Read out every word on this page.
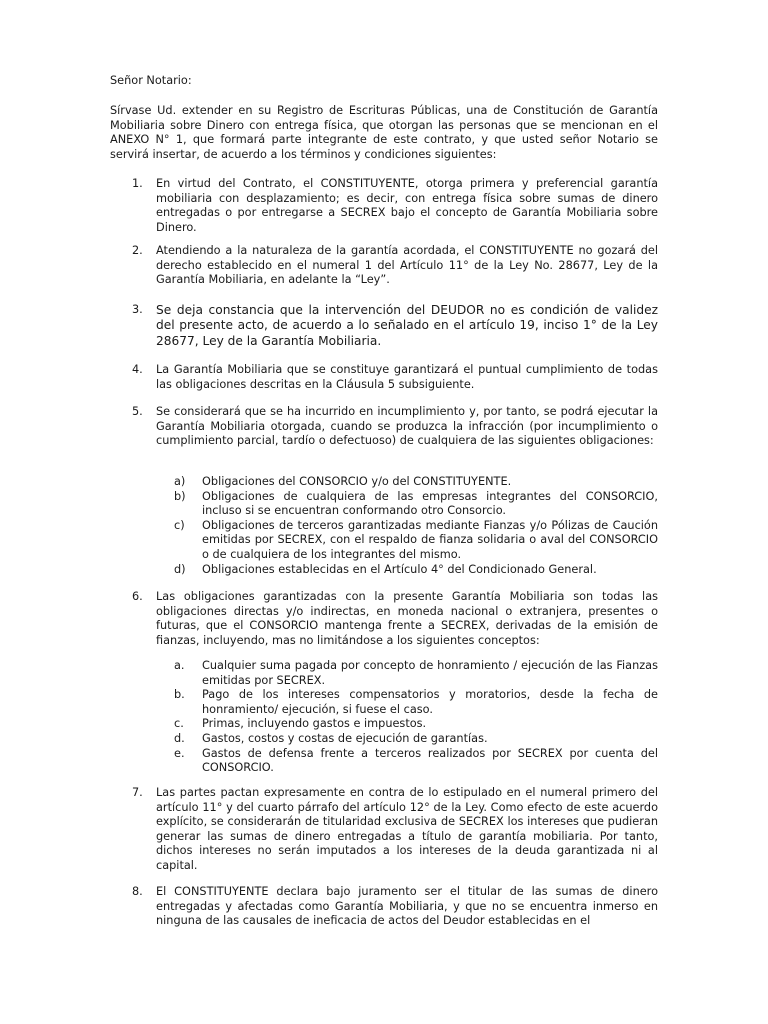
Señor Notario:

Sírvase Ud. extender en su Registro de Escrituras Públicas, una de Constitución de Garantía Mobiliaria sobre Dinero con entrega física, que otorgan las personas que se mencionan en el ANEXO N° 1, que formará parte integrante de este contrato, y que usted señor Notario se servirá insertar, de acuerdo a los términos y condiciones siguientes:

1. En virtud del Contrato, el CONSTITUYENTE, otorga primera y preferencial garantía mobiliaria con desplazamiento; es decir, con entrega física sobre sumas de dinero entregadas o por entregarse a SECREX bajo el concepto de Garantía Mobiliaria sobre Dinero.

2. Atendiendo a la naturaleza de la garantía acordada, el CONSTITUYENTE no gozará del derecho establecido en el numeral 1 del Artículo 11° de la Ley No. 28677, Ley de la Garantía Mobiliaria, en adelante la “Ley”.

3. Se deja constancia que la intervención del DEUDOR no es condición de validez del presente acto, de acuerdo a lo señalado en el artículo 19, inciso 1° de la Ley 28677, Ley de la Garantía Mobiliaria.

4. La Garantía Mobiliaria que se constituye garantizará el puntual cumplimiento de todas las obligaciones descritas en la Cláusula 5 subsiguiente.

5. Se considerará que se ha incurrido en incumplimiento y, por tanto, se podrá ejecutar la Garantía Mobiliaria otorgada, cuando se produzca la infracción (por incumplimiento o cumplimiento parcial, tardío o defectuoso) de cualquiera de las siguientes obligaciones:

a) Obligaciones del CONSORCIO y/o del CONSTITUYENTE.
b) Obligaciones de cualquiera de las empresas integrantes del CONSORCIO, incluso si se encuentran conformando otro Consorcio.
c) Obligaciones de terceros garantizadas mediante Fianzas y/o Pólizas de Caución emitidas por SECREX, con el respaldo de fianza solidaria o aval del CONSORCIO o de cualquiera de los integrantes del mismo.
d) Obligaciones establecidas en el Artículo 4° del Condicionado General.
6. Las obligaciones garantizadas con la presente Garantía Mobiliaria son todas las obligaciones directas y/o indirectas, en moneda nacional o extranjera, presentes o futuras, que el CONSORCIO mantenga frente a SECREX, derivadas de la emisión de fianzas, incluyendo, mas no limitándose a los siguientes conceptos:

a. Cualquier suma pagada por concepto de honramiento / ejecución de las Fianzas emitidas por SECREX.
b. Pago de los intereses compensatorios y moratorios, desde la fecha de honramiento/ ejecución, si fuese el caso.
c. Primas, incluyendo gastos e impuestos.
d. Gastos, costos y costas de ejecución de garantías.
e. Gastos de defensa frente a terceros realizados por SECREX por cuenta del CONSORCIO.
7. Las partes pactan expresamente en contra de lo estipulado en el numeral primero del artículo 11° y del cuarto párrafo del artículo 12° de la Ley. Como efecto de este acuerdo explícito, se considerarán de titularidad exclusiva de SECREX los intereses que pudieran generar las sumas de dinero entregadas a título de garantía mobiliaria. Por tanto, dichos intereses no serán imputados a los intereses de la deuda garantizada ni al capital.

8. El CONSTITUYENTE declara bajo juramento ser el titular de las sumas de dinero entregadas y afectadas como Garantía Mobiliaria, y que no se encuentra inmerso en ninguna de las causales de ineficacia de actos del Deudor establecidas en el
